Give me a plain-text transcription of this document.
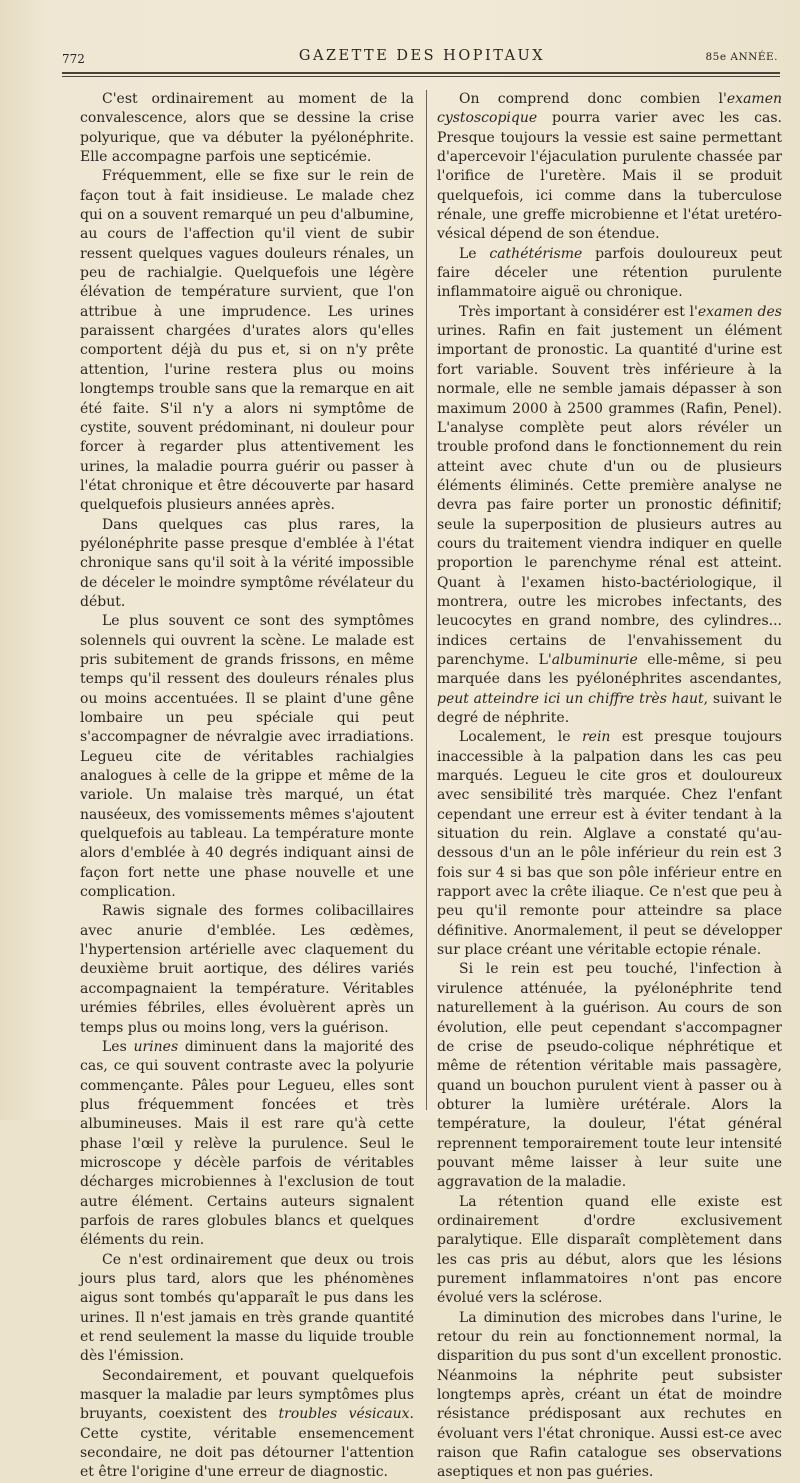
772	GAZETTE DES HOPITAUX	85e ANNÉE.

C'est ordinairement au moment de la convalescence, alors que se dessine la crise polyurique, que va débuter la pyélonéphrite. Elle accompagne parfois une septicémie.

Fréquemment, elle se fixe sur le rein de façon tout à fait insidieuse. Le malade chez qui on a souvent remarqué un peu d'albumine, au cours de l'affection qu'il vient de subir ressent quelques vagues douleurs rénales, un peu de rachialgie. Quelquefois une légère élévation de température survient, que l'on attribue à une imprudence. Les urines paraissent chargées d'urates alors qu'elles comportent déjà du pus et, si on n'y prête attention, l'urine restera plus ou moins longtemps trouble sans que la remarque en ait été faite. S'il n'y a alors ni symptôme de cystite, souvent prédominant, ni douleur pour forcer à regarder plus attentivement les urines, la maladie pourra guérir ou passer à l'état chronique et être découverte par hasard quelquefois plusieurs années après.

Dans quelques cas plus rares, la pyélonéphrite passe presque d'emblée à l'état chronique sans qu'il soit à la vérité impossible de déceler le moindre symptôme révélateur du début.

Le plus souvent ce sont des symptômes solennels qui ouvrent la scène. Le malade est pris subitement de grands frissons, en même temps qu'il ressent des douleurs rénales plus ou moins accentuées. Il se plaint d'une gêne lombaire un peu spéciale qui peut s'accompagner de névralgie avec irradiations. Legueu cite de véritables rachialgies analogues à celle de la grippe et même de la variole. Un malaise très marqué, un état nauséeux, des vomissements mêmes s'ajoutent quelquefois au tableau. La température monte alors d'emblée à 40 degrés indiquant ainsi de façon fort nette une phase nouvelle et une complication.

Rawis signale des formes colibacillaires avec anurie d'emblée. Les œdèmes, l'hypertension artérielle avec claquement du deuxième bruit aortique, des délires variés accompagnaient la température. Véritables urémies fébriles, elles évoluèrent après un temps plus ou moins long, vers la guérison.

Les urines diminuent dans la majorité des cas, ce qui souvent contraste avec la polyurie commençante. Pâles pour Legueu, elles sont plus fréquemment foncées et très albumineuses. Mais il est rare qu'à cette phase l'œil y relève la purulence. Seul le microscope y décèle parfois de véritables décharges microbiennes à l'exclusion de tout autre élément. Certains auteurs signalent parfois de rares globules blancs et quelques éléments du rein.

Ce n'est ordinairement que deux ou trois jours plus tard, alors que les phénomènes aigus sont tombés qu'apparaît le pus dans les urines. Il n'est jamais en très grande quantité et rend seulement la masse du liquide trouble dès l'émission.

Secondairement, et pouvant quelquefois masquer la maladie par leurs symptômes plus bruyants, coexistent des troubles vésicaux. Cette cystite, véritable ensemencement secondaire, ne doit pas détourner l'attention et être l'origine d'une erreur de diagnostic.

On comprend donc combien l'examen cystoscopique pourra varier avec les cas. Presque toujours la vessie est saine permettant d'apercevoir l'éjaculation purulente chassée par l'orifice de l'uretère. Mais il se produit quelquefois, ici comme dans la tuberculose rénale, une greffe microbienne et l'état uretéro-vésical dépend de son étendue.

Le cathétérisme parfois douloureux peut faire déceler une rétention purulente inflammatoire aiguë ou chronique.

Très important à considérer est l'examen des urines. Rafin en fait justement un élément important de pronostic. La quantité d'urine est fort variable. Souvent très inférieure à la normale, elle ne semble jamais dépasser à son maximum 2000 à 2500 grammes (Rafin, Penel). L'analyse complète peut alors révéler un trouble profond dans le fonctionnement du rein atteint avec chute d'un ou de plusieurs éléments éliminés. Cette première analyse ne devra pas faire porter un pronostic définitif; seule la superposition de plusieurs autres au cours du traitement viendra indiquer en quelle proportion le parenchyme rénal est atteint. Quant à l'examen histo-bactériologique, il montrera, outre les microbes infectants, des leucocytes en grand nombre, des cylindres... indices certains de l'envahissement du parenchyme. L'

albuminurie elle-même, si peu marquée dans les pyélonéphrites ascendantes,

peut atteindre ici un chiffre très haut, suivant le degré de néphrite.

Localement, le rein est presque toujours inaccessible à la palpation dans les cas peu marqués. Legueu le cite gros et douloureux avec sensibilité très marquée. Chez l'enfant cependant une erreur est à éviter tendant à la situation du rein. Alglave a constaté qu'au-dessous d'un an le pôle inférieur du rein est 3 fois sur 4 si bas que son pôle inférieur entre en rapport avec la crête iliaque. Ce n'est que peu à peu qu'il remonte pour atteindre sa place définitive. Anormalement, il peut se développer sur place créant une véritable ectopie rénale.

Si le rein est peu touché, l'infection à virulence atténuée, la pyélonéphrite tend naturellement à la guérison. Au cours de son évolution, elle peut cependant s'accompagner de crise de pseudo-colique néphrétique et même de rétention véritable mais passagère, quand un bouchon purulent vient à passer ou à obturer la lumière urétérale. Alors la température, la douleur, l'état général reprennent temporairement toute leur intensité pouvant même laisser à leur suite une aggravation de la maladie.

La rétention quand elle existe est ordinairement d'ordre exclusivement paralytique. Elle disparaît complètement dans les cas pris au début, alors que les lésions purement inflammatoires n'ont pas encore évolué vers la sclérose.

La diminution des microbes dans l'urine, le retour du rein au fonctionnement normal, la disparition du pus sont d'un excellent pronostic. Néanmoins la néphrite peut subsister longtemps après, créant un état de moindre résistance prédisposant aux rechutes en évoluant vers l'état chronique. Aussi est-ce avec raison que Rafin catalogue ses observations aseptiques et non pas guéries.
